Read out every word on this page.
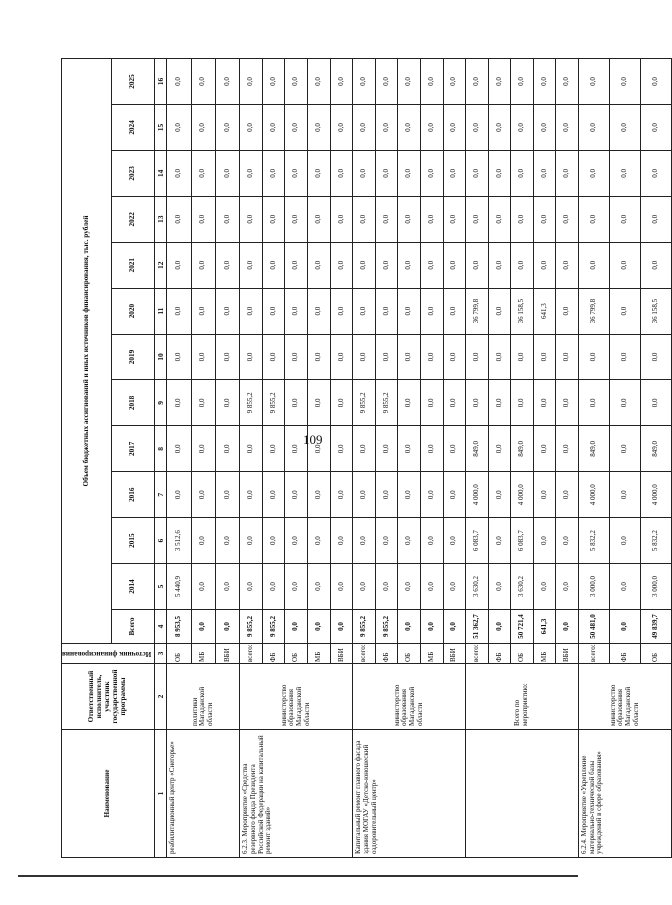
109
Наименование	Ответственный исполнитель, участник государственной программы	Источник финансирования	Объем бюджетных ассигнований и иных источников финансирования, тыс. рублей												
			Всего	2014	2015	2016	2017	2018	2019	2020	2021	2022	2023	2024	2025
1	2	3	4	5	6	7	8	9	10	11	12	13	14	15	16
реабилитационный центр «Снегорье»	политики Магаданской области	ОБ	8 953,5	5 440,9	3 512,6	0,0	0,0	0,0	0,0	0,0	0,0	0,0	0,0	0,0	0,0
		МБ	0,0	0,0	0,0	0,0	0,0	0,0	0,0	0,0	0,0	0,0	0,0	0,0	0,0
		ВБИ	0,0	0,0	0,0	0,0	0,0	0,0	0,0	0,0	0,0	0,0	0,0	0,0	0,0
6.2.3. Мероприятие «Средства резервного фонда Президента Российской Федерации на капитальный ремонт зданий»	министерство образования Магаданской области	всего:	9 855,2	0,0	0,0	0,0	0,0	9 855,2	0,0	0,0	0,0	0,0	0,0	0,0	0,0
		ФБ	9 855,2	0,0	0,0	0,0	0,0	9 855,2	0,0	0,0	0,0	0,0	0,0	0,0	0,0
		ОБ	0,0	0,0	0,0	0,0	0,0	0,0	0,0	0,0	0,0	0,0	0,0	0,0	0,0
		МБ	0,0	0,0	0,0	0,0	0,0	0,0	0,0	0,0	0,0	0,0	0,0	0,0	0,0
		ВБИ	0,0	0,0	0,0	0,0	0,0	0,0	0,0	0,0	0,0	0,0	0,0	0,0	0,0
Капитальный ремонт главного фасада здания МОГАУ «Детско-юношеский оздоровительный центр»	министерство образования Магаданской области	всего:	9 855,2	0,0	0,0	0,0	0,0	9 855,2	0,0	0,0	0,0	0,0	0,0	0,0	0,0
		ФБ	9 855,2	0,0	0,0	0,0	0,0	9 855,2	0,0	0,0	0,0	0,0	0,0	0,0	0,0
		ОБ	0,0	0,0	0,0	0,0	0,0	0,0	0,0	0,0	0,0	0,0	0,0	0,0	0,0
		МБ	0,0	0,0	0,0	0,0	0,0	0,0	0,0	0,0	0,0	0,0	0,0	0,0	0,0
		ВБИ	0,0	0,0	0,0	0,0	0,0	0,0	0,0	0,0	0,0	0,0	0,0	0,0	0,0
	Всего по мероприятию:	всего:	51 362,7	3 630,2	6 083,7	4 000,0	849,0	0,0	0,0	36 799,8	0,0	0,0	0,0	0,0	0,0
		ФБ	0,0	0,0	0,0	0,0	0,0	0,0	0,0	0,0	0,0	0,0	0,0	0,0	0,0
		ОБ	50 721,4	3 630,2	6 083,7	4 000,0	849,0	0,0	0,0	36 158,5	0,0	0,0	0,0	0,0	0,0
		МБ	641,3	0,0	0,0	0,0	0,0	0,0	0,0	641,3	0,0	0,0	0,0	0,0	0,0
		ВБИ	0,0	0,0	0,0	0,0	0,0	0,0	0,0	0,0	0,0	0,0	0,0	0,0	0,0
6.2.4. Мероприятие «Укрепление материально-технической базы учреждений в сфере образования»	министерство образования Магаданской области	всего:	50 481,0	3 000,0	5 832,2	4 000,0	849,0	0,0	0,0	36 799,8	0,0	0,0	0,0	0,0	0,0
		ФБ	0,0	0,0	0,0	0,0	0,0	0,0	0,0	0,0	0,0	0,0	0,0	0,0	0,0
		ОБ	49 839,7	3 000,0	5 832,2	4 000,0	849,0	0,0	0,0	36 158,5	0,0	0,0	0,0	0,0	0,0
